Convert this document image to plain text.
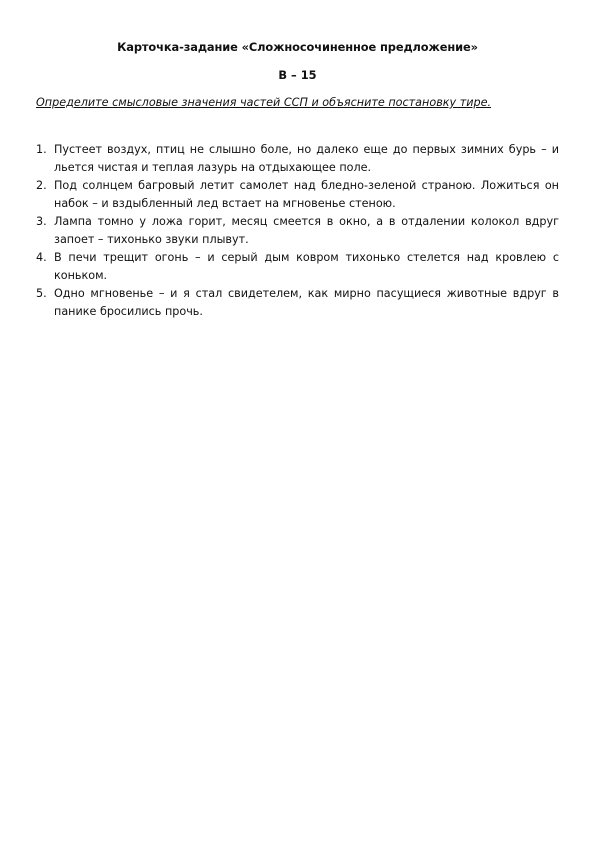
Карточка-задание «Сложносочиненное предложение»
В – 15
Определите смысловые значения частей ССП и объясните постановку тире.
1. Пустеет воздух, птиц не слышно боле, но далеко еще до первых зимних бурь – и льется чистая и теплая лазурь на отдыхающее поле.
2. Под солнцем багровый летит самолет над бледно-зеленой страною. Ложиться он набок – и вздыбленный лед встает на мгновенье стеною.
3. Лампа томно у ложа горит, месяц смеется в окно, а в отдалении колокол вдруг запоет – тихонько звуки плывут.
4. В печи трещит огонь – и серый дым ковром тихонько стелется над кровлею с коньком.
5. Одно мгновенье – и я стал свидетелем, как мирно пасущиеся животные вдруг в панике бросились прочь.
